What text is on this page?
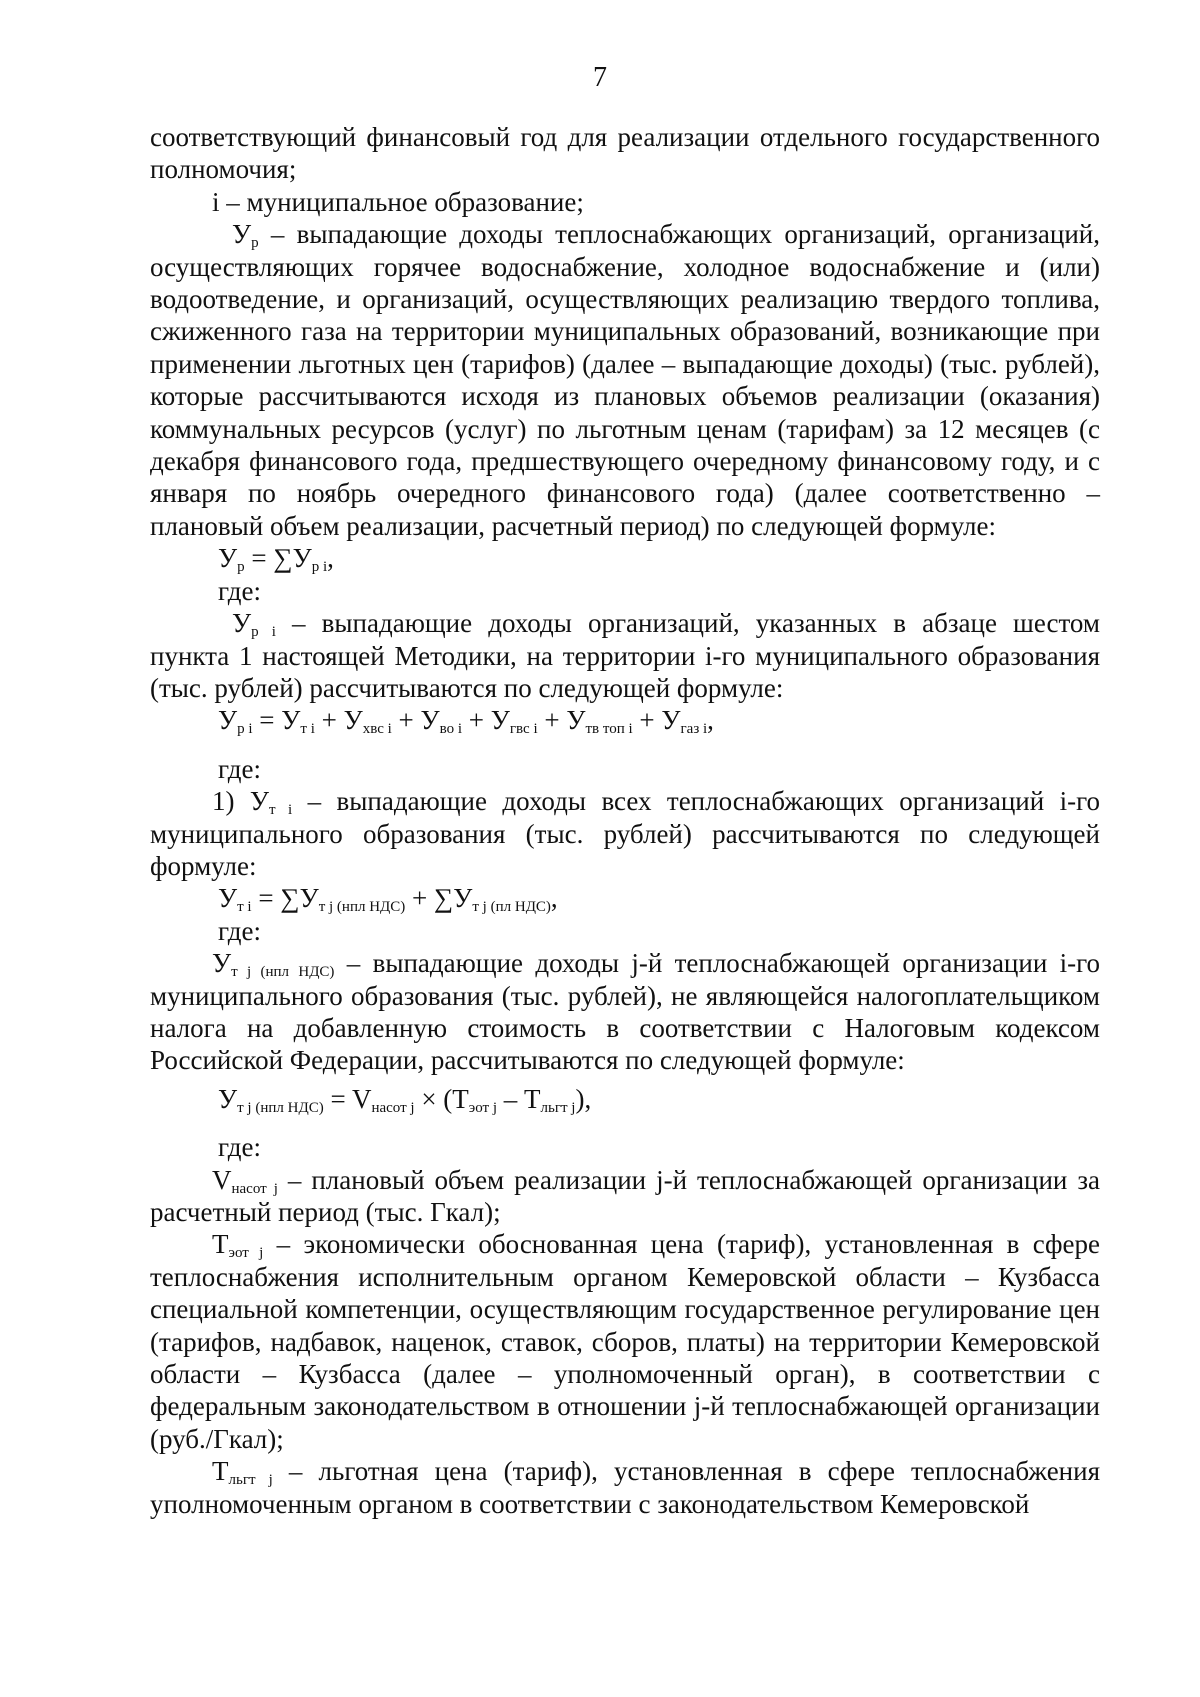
7

соответствующий финансовый год для реализации отдельного государственного полномочия;

i – муниципальное образование;

$У_р$ – выпадающие доходы теплоснабжающих организаций, организаций, осуществляющих горячее водоснабжение, холодное водоснабжение и (или) водоотведение, и организаций, осуществляющих реализацию твердого топлива, сжиженного газа на территории муниципальных образований, возникающие при применении льготных цен (тарифов) (далее – выпадающие доходы) (тыс. рублей), которые рассчитываются исходя из плановых объемов реализации (оказания) коммунальных ресурсов (услуг) по льготным ценам (тарифам) за 12 месяцев (с декабря финансового года, предшествующего очередному финансовому году, и с января по ноябрь очередного финансового года) (далее соответственно – плановый объем реализации, расчетный период) по следующей формуле:

$У_р = \sum У_{р i}$,

где:

$У_{р i}$ – выпадающие доходы организаций, указанных в абзаце шестом пункта 1 настоящей Методики, на территории i-го муниципального образования (тыс. рублей) рассчитываются по следующей формуле:

$У_{р i} = У_{т i} + У_{хвс i} + У_{во i} + У_{гвс i} + У_{тв топ i} + У_{газ i}$,

где:

1) $У_{т i}$ – выпадающие доходы всех теплоснабжающих организаций i-го муниципального образования (тыс. рублей) рассчитываются по следующей формуле:

$У_{т i} = \sum У_{т j (нпл НДС)} + \sum У_{т j (пл НДС)}$,

где:

$У_{т j (нпл НДС)}$ – выпадающие доходы j-й теплоснабжающей организации i-го муниципального образования (тыс. рублей), не являющейся налогоплательщиком налога на добавленную стоимость в соответствии с Налоговым кодексом Российской Федерации, рассчитываются по следующей формуле:

$У_{т j (нпл НДС)} = V_{насот j} \times (Т_{эот j} - Т_{льгт j})$,

где:

$V_{насот j}$ – плановый объем реализации j-й теплоснабжающей организации за расчетный период (тыс. Гкал);

$Т_{эот j}$ – экономически обоснованная цена (тариф), установленная в сфере теплоснабжения исполнительным органом Кемеровской области – Кузбасса специальной компетенции, осуществляющим государственное регулирование цен (тарифов, надбавок, наценок, ставок, сборов, платы) на территории Кемеровской области – Кузбасса (далее – уполномоченный орган), в соответствии с федеральным законодательством в отношении j-й теплоснабжающей организации (руб./Гкал);

$Т_{льгт j}$ – льготная цена (тариф), установленная в сфере теплоснабжения уполномоченным органом в соответствии с законодательством Кемеровской
